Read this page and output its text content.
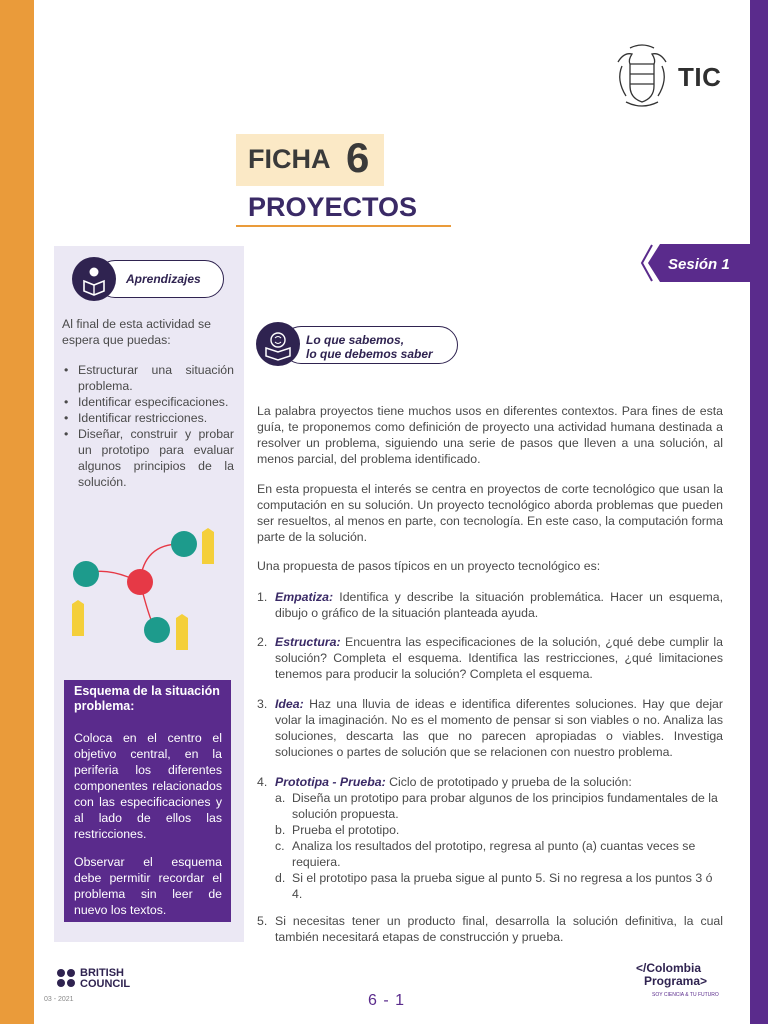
TIC
FICHA 6
PROYECTOS
Sesión 1
Aprendizajes
Al final de esta actividad se espera que puedas:
• Estructurar una situación problema.
• Identificar especificaciones.
• Identificar restricciones.
• Diseñar, construir y probar un prototipo para evaluar algunos principios de la solución.
Esquema de la situación problema:
Coloca en el centro el objetivo central, en la periferia los diferentes componentes relacionados con las especificaciones y al lado de ellos las restricciones.
Observar el esquema debe permitir recordar el problema sin leer de nuevo los textos.
Lo que sabemos,
lo que debemos saber
La palabra proyectos tiene muchos usos en diferentes contextos. Para fines de esta guía, te proponemos como definición de proyecto una actividad humana destinada a resolver un problema, siguiendo una serie de pasos que lleven a una solución, al menos parcial, del problema identificado.
En esta propuesta el interés se centra en proyectos de corte tecnológico que usan la computación en su solución. Un proyecto tecnológico aborda problemas que pueden ser resueltos, al menos en parte, con tecnología. En este caso, la computación forma parte de la solución.
Una propuesta de pasos típicos en un proyecto tecnológico es:
1. Empatiza: Identifica y describe la situación problemática. Hacer un esquema, dibujo o gráfico de la situación planteada ayuda.
2. Estructura: Encuentra las especificaciones de la solución, ¿qué debe cumplir la solución? Completa el esquema. Identifica las restricciones, ¿qué limitaciones tenemos para producir la solución? Completa el esquema.
3. Idea: Haz una lluvia de ideas e identifica diferentes soluciones. Hay que dejar volar la imaginación. No es el momento de pensar si son viables o no. Analiza las soluciones, descarta las que no parecen apropiadas o viables. Investiga soluciones o partes de solución que se relacionen con nuestro problema.
4. Prototipa - Prueba: Ciclo de prototipado y prueba de la solución:
a. Diseña un prototipo para probar algunos de los principios fundamentales de la solución propuesta.
b. Prueba el prototipo.
c. Analiza los resultados del prototipo, regresa al punto (a) cuantas veces se requiera.
d. Si el prototipo pasa la prueba sigue al punto 5. Si no regresa a los puntos 3 ó 4.
5. Si necesitas tener un producto final, desarrolla la solución definitiva, la cual también necesitará etapas de construcción y prueba.
BRITISH
COUNCIL
03 - 2021	6 - 1
</Colombia
Programa>
SOY CIENCIA & TU FUTURO
